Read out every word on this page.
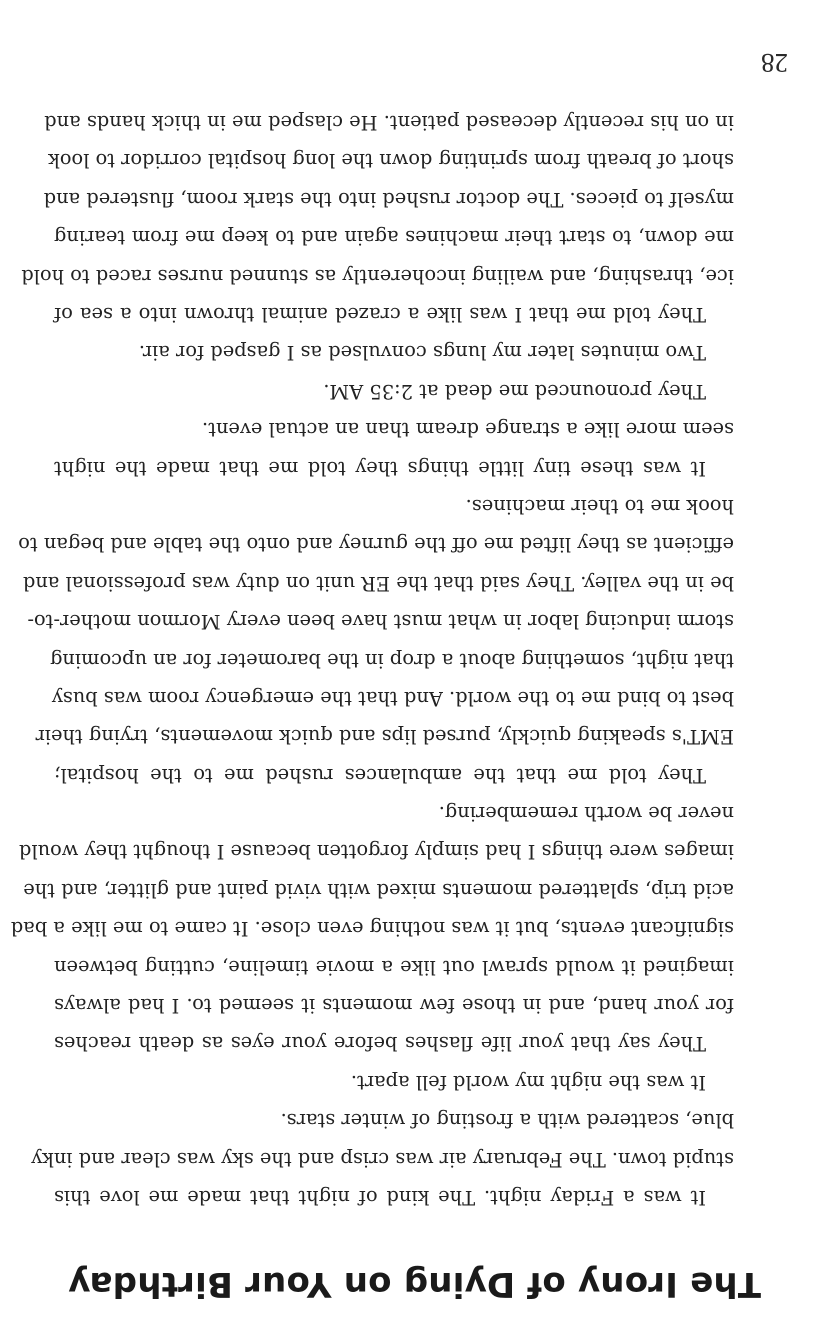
The Irony of Dying on Your Birthday
It was a Friday night. The kind of night that made me love this
stupid town. The February air was crisp and the sky was clear and inky
blue, scattered with a frosting of winter stars.
It was the night my world fell apart.
They say that your life flashes before your eyes as death reaches
for your hand, and in those few moments it seemed to. I had always
imagined it would sprawl out like a movie timeline, cutting between
significant events, but it was nothing even close. It came to me like a bad
acid trip, splattered moments mixed with vivid paint and glitter, and the
images were things I had simply forgotten because I thought they would
never be worth remembering.
They told me that the ambulances rushed me to the hospital;
EMT's speaking quickly, pursed lips and quick movements, trying their
best to bind me to the world. And that the emergency room was busy
that night, something about a drop in the barometer for an upcoming
storm inducing labor in what must have been every Mormon mother-to-
be in the valley. They said that the ER unit on duty was professional and
efficient as they lifted me off the gurney and onto the table and began to
hook me to their machines.
It was these tiny little things they told me that made the night
seem more like a strange dream than an actual event.
They pronounced me dead at 2:35 AM.
Two minutes later my lungs convulsed as I gasped for air.
They told me that I was like a crazed animal thrown into a sea of
ice, thrashing, and wailing incoherently as stunned nurses raced to hold
me down, to start their machines again and to keep me from tearing
myself to pieces. The doctor rushed into the stark room, flustered and
short of breath from sprinting down the long hospital corridor to look
in on his recently deceased patient. He clasped me in thick hands and
28
